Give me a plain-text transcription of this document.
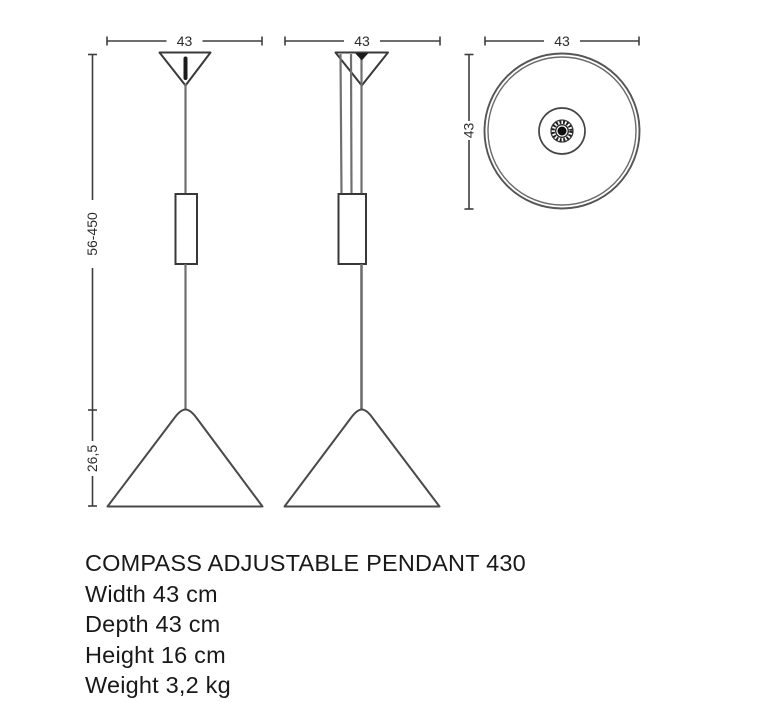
43
56-450
26,5
43	43
43
COMPASS ADJUSTABLE PENDANT 430
Width 43 cm
Depth 43 cm
Height 16 cm
Weight 3,2 kg
